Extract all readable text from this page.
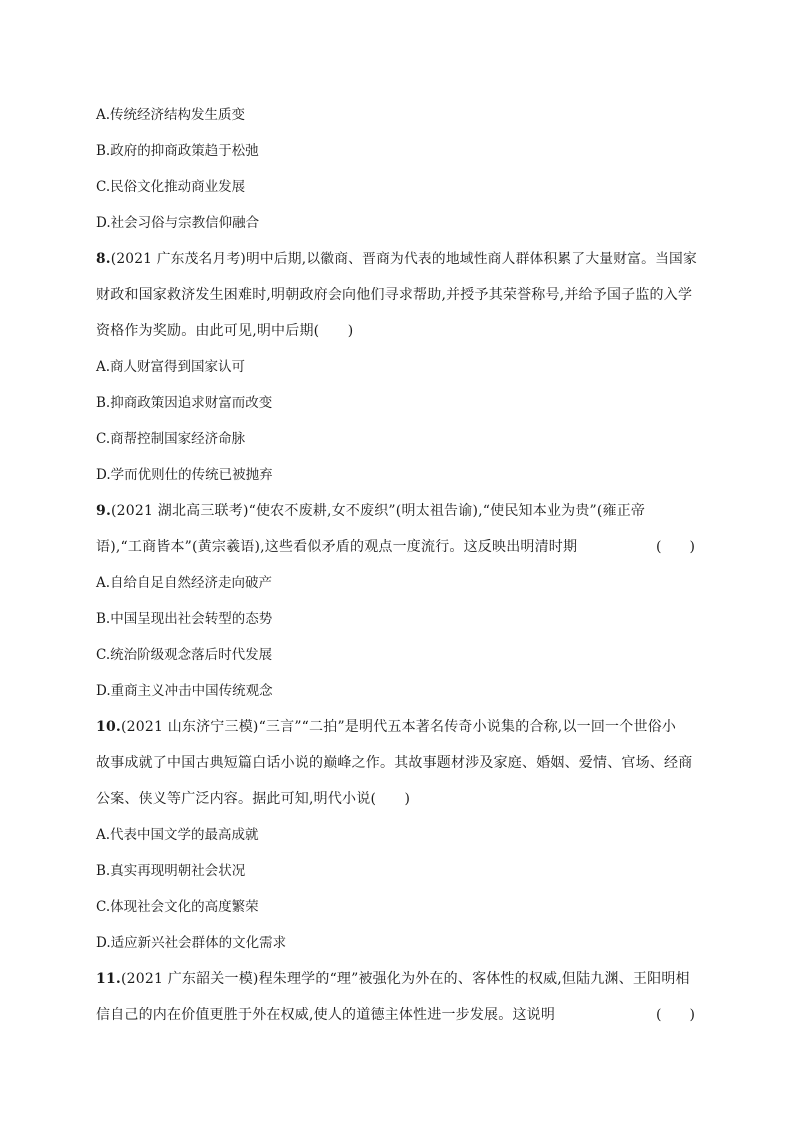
A.传统经济结构发生质变
B.政府的抑商政策趋于松弛
C.民俗文化推动商业发展
D.社会习俗与宗教信仰融合
8.(2021 广东茂名月考)明中后期,以徽商、晋商为代表的地域性商人群体积累了大量财富。当国家
财政和国家救济发生困难时,明朝政府会向他们寻求帮助,并授予其荣誉称号,并给予国子监的入学
资格作为奖励。由此可见,明中后期(　　)
A.商人财富得到国家认可
B.抑商政策因追求财富而改变
C.商帮控制国家经济命脉
D.学而优则仕的传统已被抛弃
9.(2021 湖北高三联考)“使农不废耕,女不废织”(明太祖告谕),“使民知本业为贵”(雍正帝
语),“工商皆本”(黄宗羲语),这些看似矛盾的观点一度流行。这反映出明清时期	(　　)
A.自给自足自然经济走向破产
B.中国呈现出社会转型的态势
C.统治阶级观念落后时代发展
D.重商主义冲击中国传统观念
10.(2021 山东济宁三模)“三言”“二拍”是明代五本著名传奇小说集的合称,以一回一个世俗小
故事成就了中国古典短篇白话小说的巅峰之作。其故事题材涉及家庭、婚姻、爱情、官场、经商
公案、侠义等广泛内容。据此可知,明代小说(　　)
A.代表中国文学的最高成就
B.真实再现明朝社会状况
C.体现社会文化的高度繁荣
D.适应新兴社会群体的文化需求
11.(2021 广东韶关一模)程朱理学的“理”被强化为外在的、客体性的权威,但陆九渊、王阳明相
信自己的内在价值更胜于外在权威,使人的道德主体性进一步发展。这说明	(　　)
